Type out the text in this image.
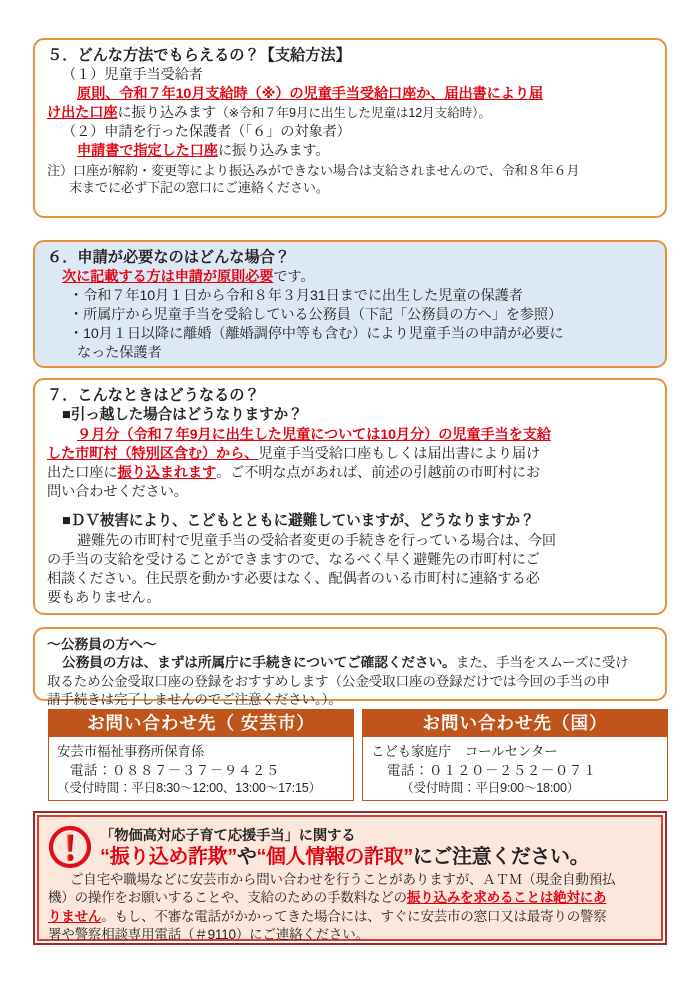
５．どんな方法でもらえるの？【支給方法】
（１）児童手当受給者
原則、令和７年10月支給時（※）の児童手当受給口座か、届出書により届
け出た口座に振り込みます（※令和７年9月に出生した児童は12月支給時）。
（２）申請を行った保護者（「６」の対象者）
申請書で指定した口座に振り込みます。
注）口座が解約・変更等により振込みができない場合は支給されませんので、令和８年６月
末までに必ず下記の窓口にご連絡ください。
６．申請が必要なのはどんな場合？
次に記載する方は申請が原則必要です。
・令和７年10月１日から令和８年３月31日までに出生した児童の保護者
・所属庁から児童手当を受給している公務員（下記「公務員の方へ」を参照）
・10月１日以降に離婚（離婚調停中等も含む）により児童手当の申請が必要に
なった保護者
７．こんなときはどうなるの？
■引っ越した場合はどうなりますか？
９月分（令和７年9月に出生した児童については10月分）の児童手当を支給
した市町村（特別区含む）から、児童手当受給口座もしくは届出書により届け
出た口座に振り込まれます。ご不明な点があれば、前述の引越前の市町村にお
問い合わせください。
■ＤＶ被害により、こどもとともに避難していますが、どうなりますか？
避難先の市町村で児童手当の受給者変更の手続きを行っている場合は、今回
の手当の支給を受けることができますので、なるべく早く避難先の市町村にご
相談ください。住民票を動かす必要はなく、配偶者のいる市町村に連絡する必
要もありません。
～公務員の方へ～
公務員の方は、まずは所属庁に手続きについてご確認ください。また、手当をスムーズに受け
取るため公金受取口座の登録をおすすめします（公金受取口座の登録だけでは今回の手当の申
請手続きは完了しませんのでご注意ください。）。
お問い合わせ先（ 安芸市）
安芸市福祉事務所保育係
電話：０８８７－３７－９４２５
（受付時間：平日8:30〜12:00、13:00〜17:15）
お問い合わせ先（国）
こども家庭庁　コールセンター
電話：０１２０－２５２－０７１
（受付時間：平日9:00〜18:00）
「物価高対応子育て応援手当」に関する
“振り込め詐欺”や“個人情報の詐取”にご注意ください。
ご自宅や職場などに安芸市から問い合わせを行うことがありますが、ＡＴＭ（現金自動預払
機）の操作をお願いすることや、支給のための手数料などの振り込みを求めることは絶対にあ
りません。もし、不審な電話がかかってきた場合には、すぐに安芸市の窓口又は最寄りの警察
署や警察相談専用電話（＃9110）にご連絡ください。
